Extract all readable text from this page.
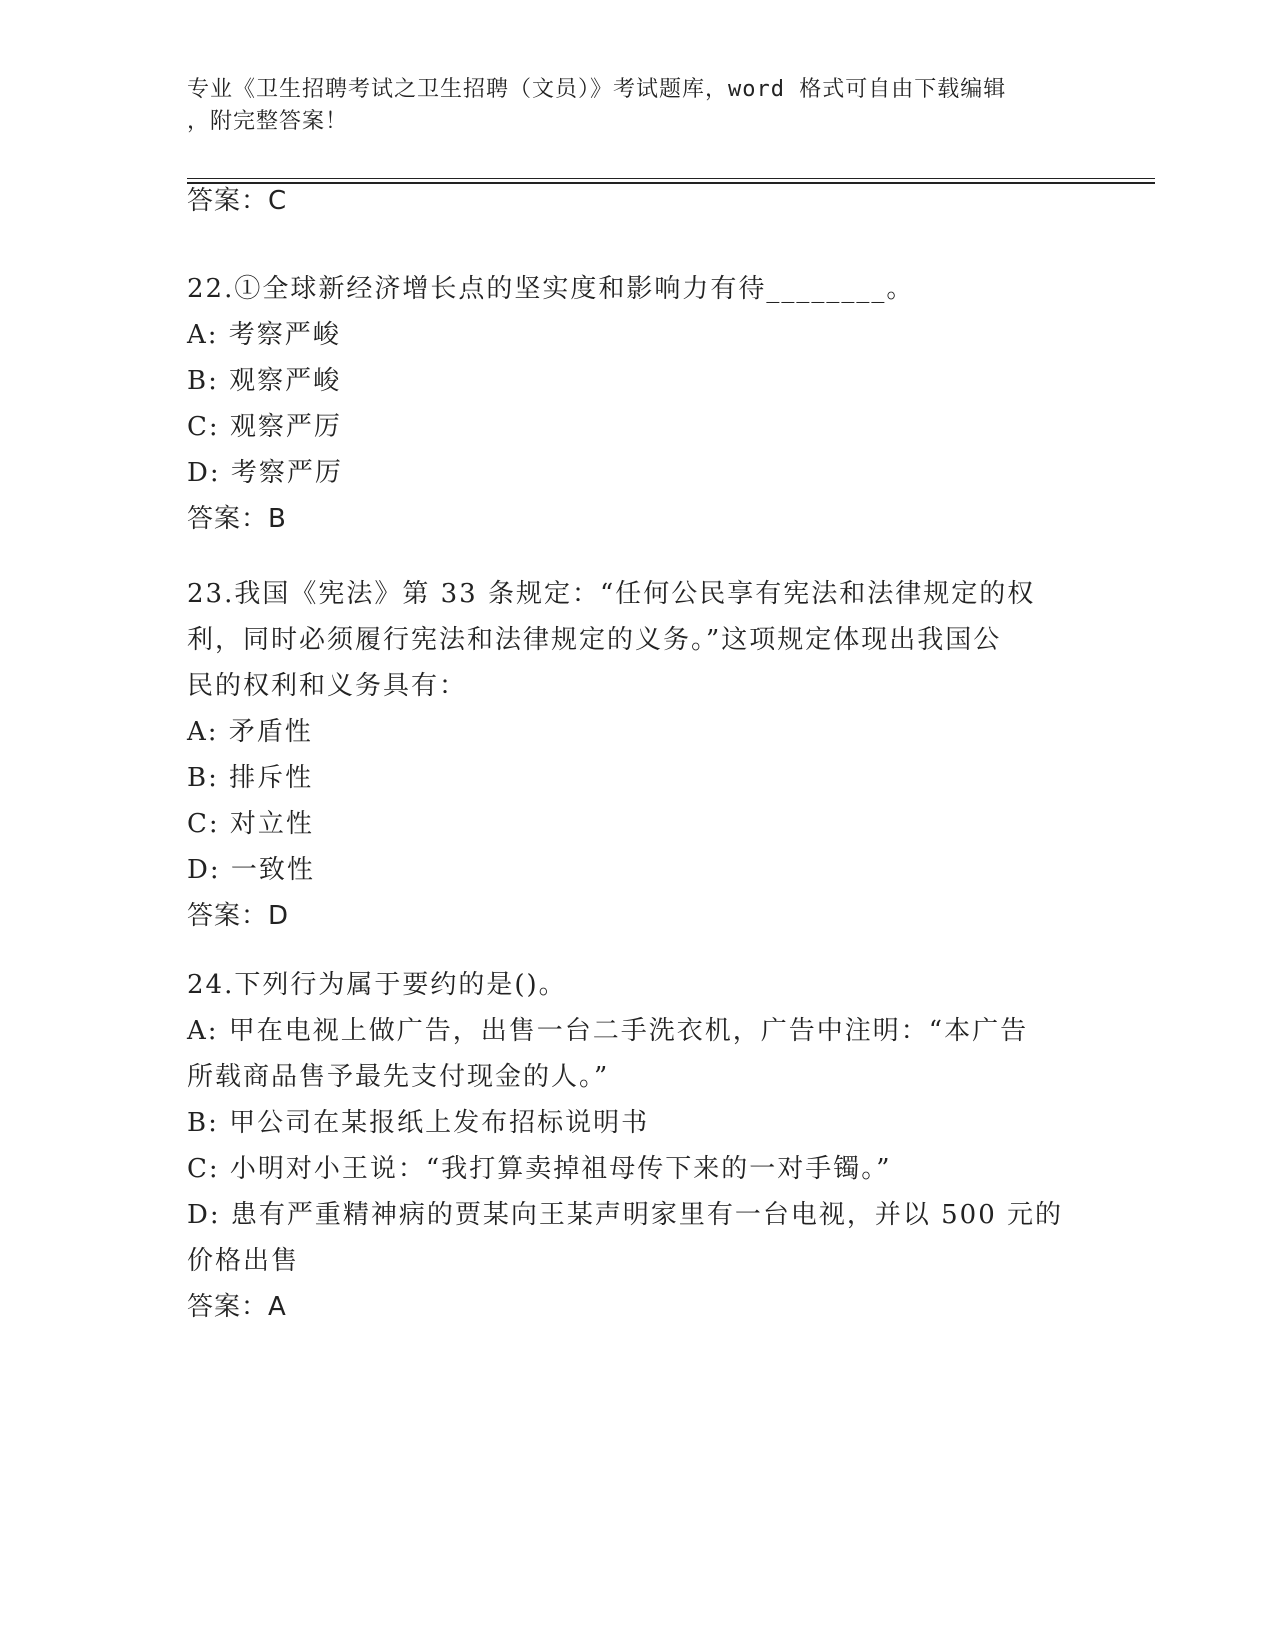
专业《卫生招聘考试之卫生招聘（文员）》考试题库，word 格式可自由下载编辑
，附完整答案！
答案：C
22.①全球新经济增长点的坚实度和影响力有待________。
A: 考察严峻
B: 观察严峻
C: 观察严厉
D: 考察严厉
答案：B
23.我国《宪法》第 33 条规定：“任何公民享有宪法和法律规定的权
利，同时必须履行宪法和法律规定的义务。”这项规定体现出我国公
民的权利和义务具有：
A: 矛盾性
B: 排斥性
C: 对立性
D: 一致性
答案：D
24.下列行为属于要约的是()。
A: 甲在电视上做广告，出售一台二手洗衣机，广告中注明：“本广告
所载商品售予最先支付现金的人。”
B: 甲公司在某报纸上发布招标说明书
C: 小明对小王说：“我打算卖掉祖母传下来的一对手镯。”
D: 患有严重精神病的贾某向王某声明家里有一台电视，并以 500 元的
价格出售
答案：A
